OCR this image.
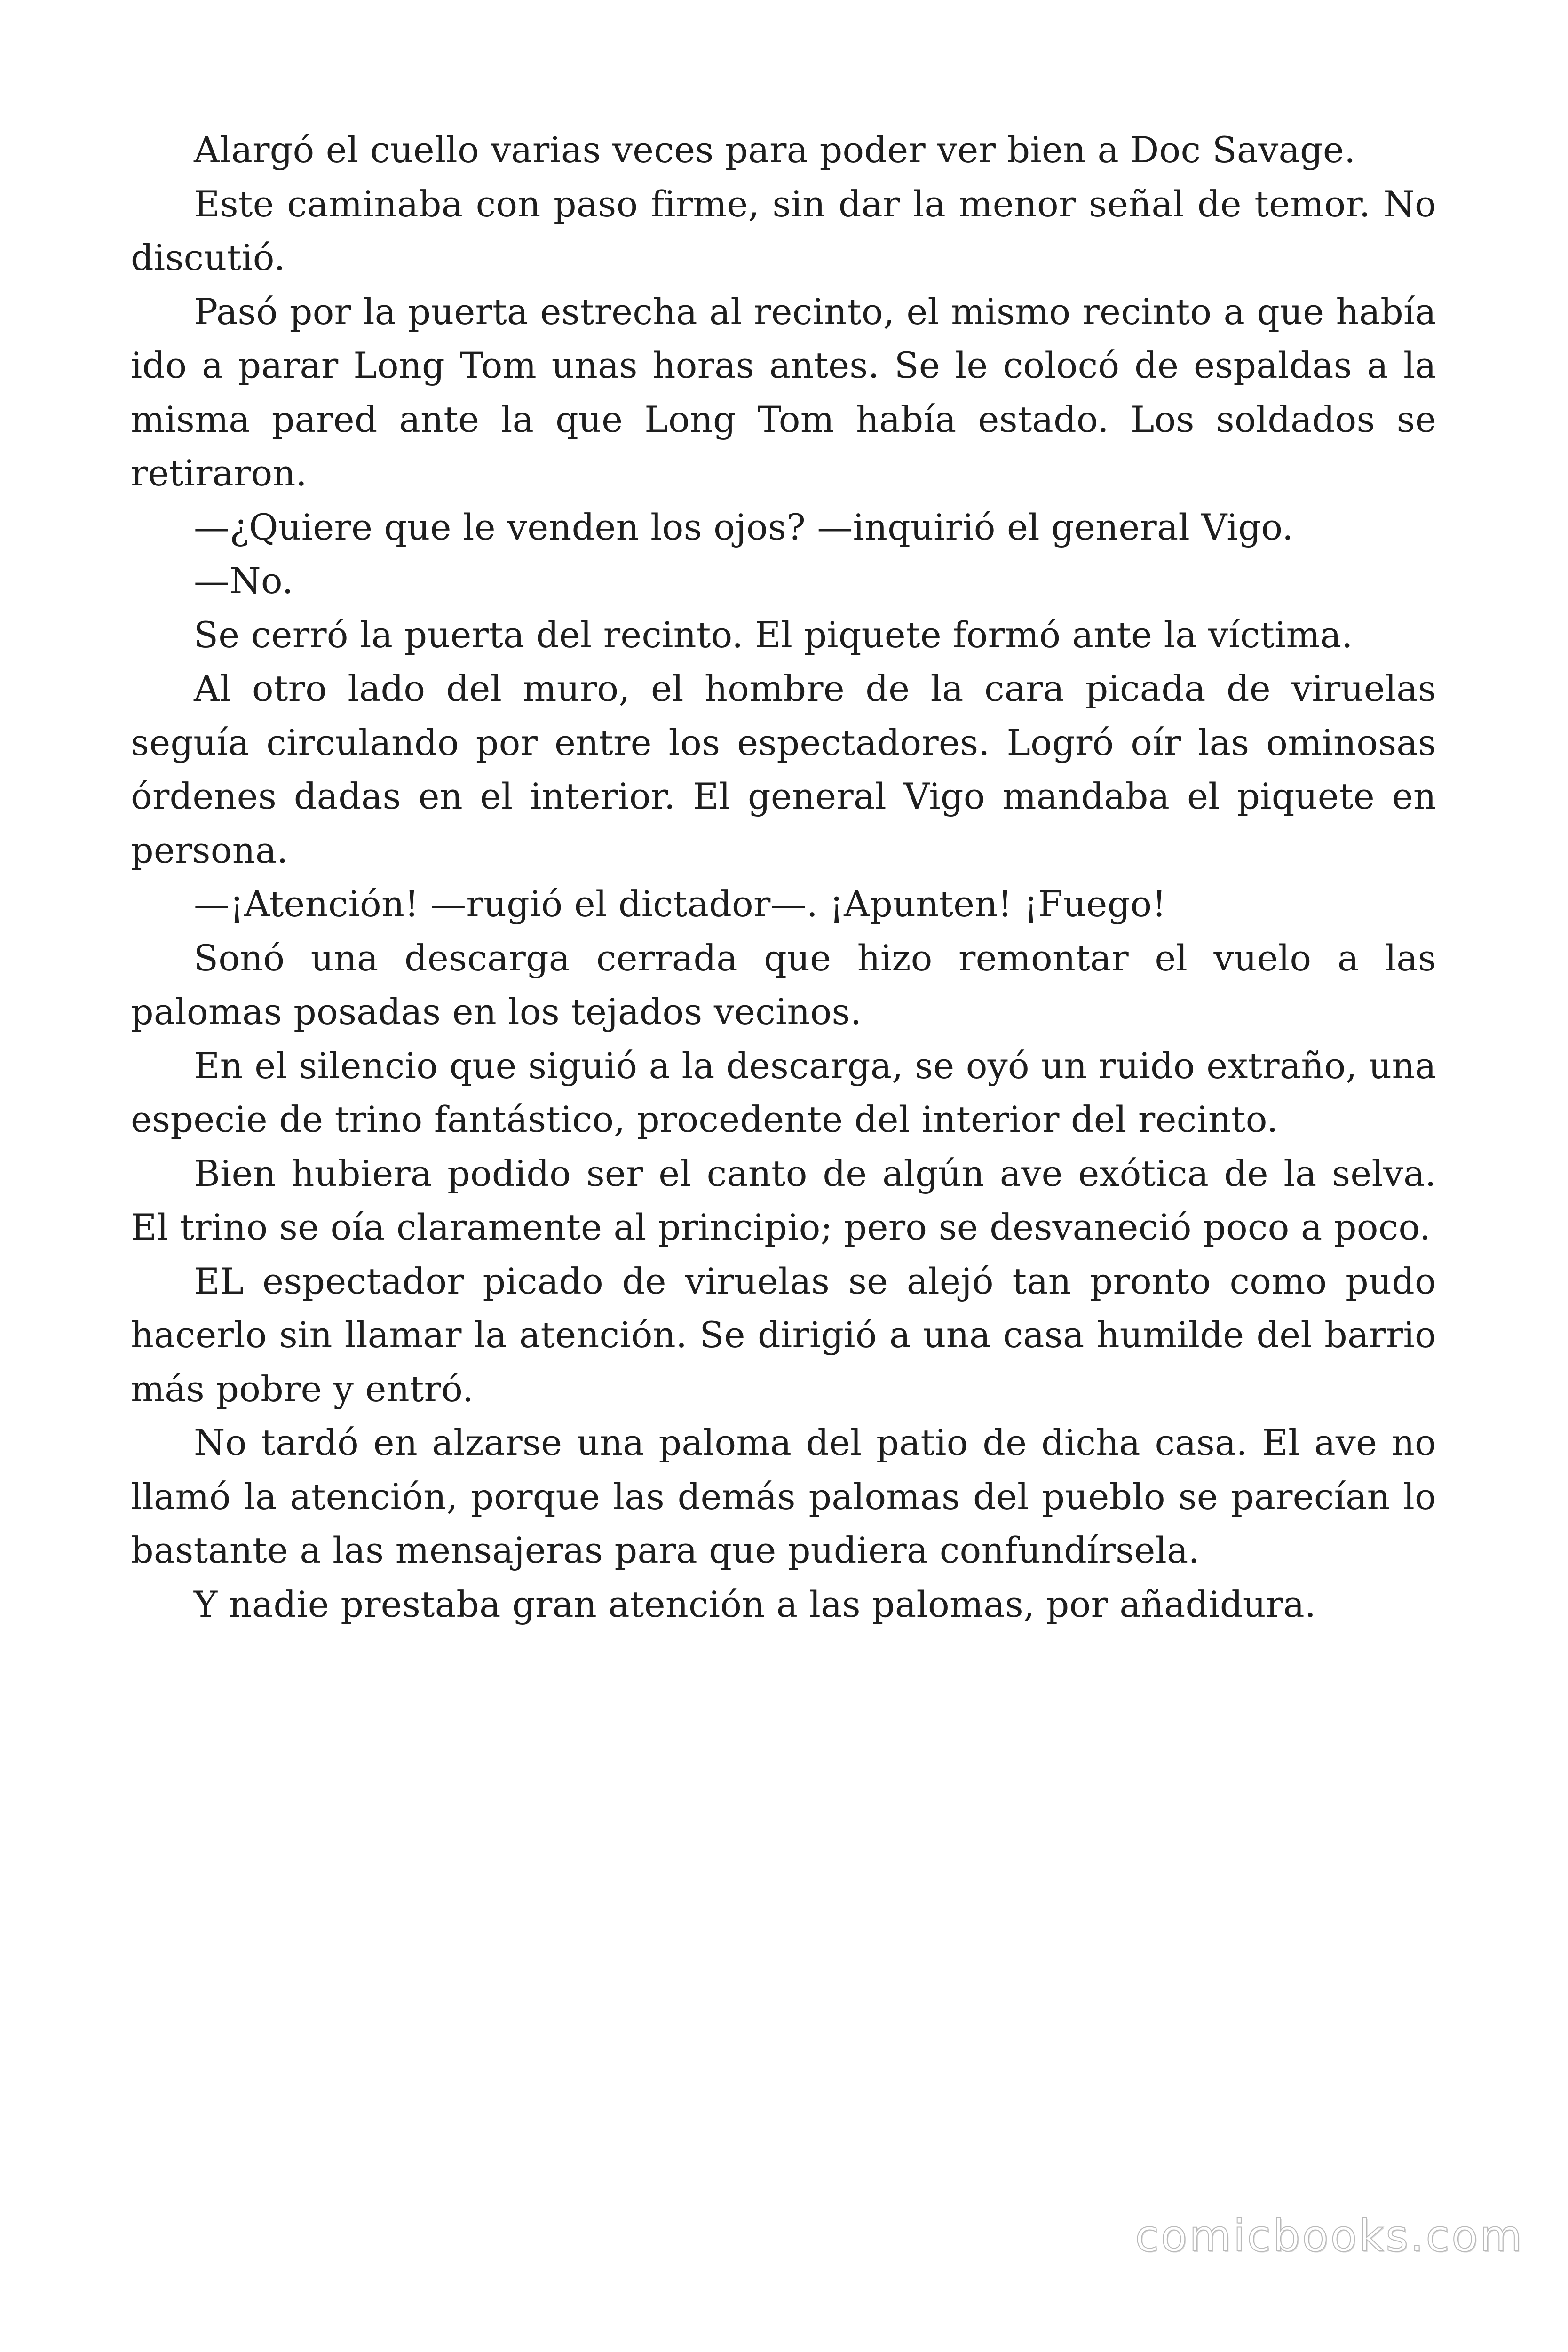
Alargó el cuello varias veces para poder ver bien a Doc Savage.

Este caminaba con paso firme, sin dar la menor señal de temor. No discutió.

Pasó por la puerta estrecha al recinto, el mismo recinto a que había ido a parar Long Tom unas horas antes. Se le colocó de espaldas a la misma pared ante la que Long Tom había estado. Los soldados se retiraron.

—¿Quiere que le venden los ojos? —inquirió el general Vigo.

—No.

Se cerró la puerta del recinto. El piquete formó ante la víctima.

Al otro lado del muro, el hombre de la cara picada de viruelas seguía circulando por entre los espectadores. Logró oír las ominosas órdenes dadas en el interior. El general Vigo mandaba el piquete en persona.

—¡Atención! —rugió el dictador—. ¡Apunten! ¡Fuego!

Sonó una descarga cerrada que hizo remontar el vuelo a las palomas posadas en los tejados vecinos.

En el silencio que siguió a la descarga, se oyó un ruido extraño, una especie de trino fantástico, procedente del interior del recinto.

Bien hubiera podido ser el canto de algún ave exótica de la selva. El trino se oía claramente al principio; pero se desvaneció poco a poco.

EL espectador picado de viruelas se alejó tan pronto como pudo hacerlo sin llamar la atención. Se dirigió a una casa humilde del barrio más pobre y entró.

No tardó en alzarse una paloma del patio de dicha casa. El ave no llamó la atención, porque las demás palomas del pueblo se parecían lo bastante a las mensajeras para que pudiera confundírsela.

Y nadie prestaba gran atención a las palomas, por añadidura.

comicbooks.com
